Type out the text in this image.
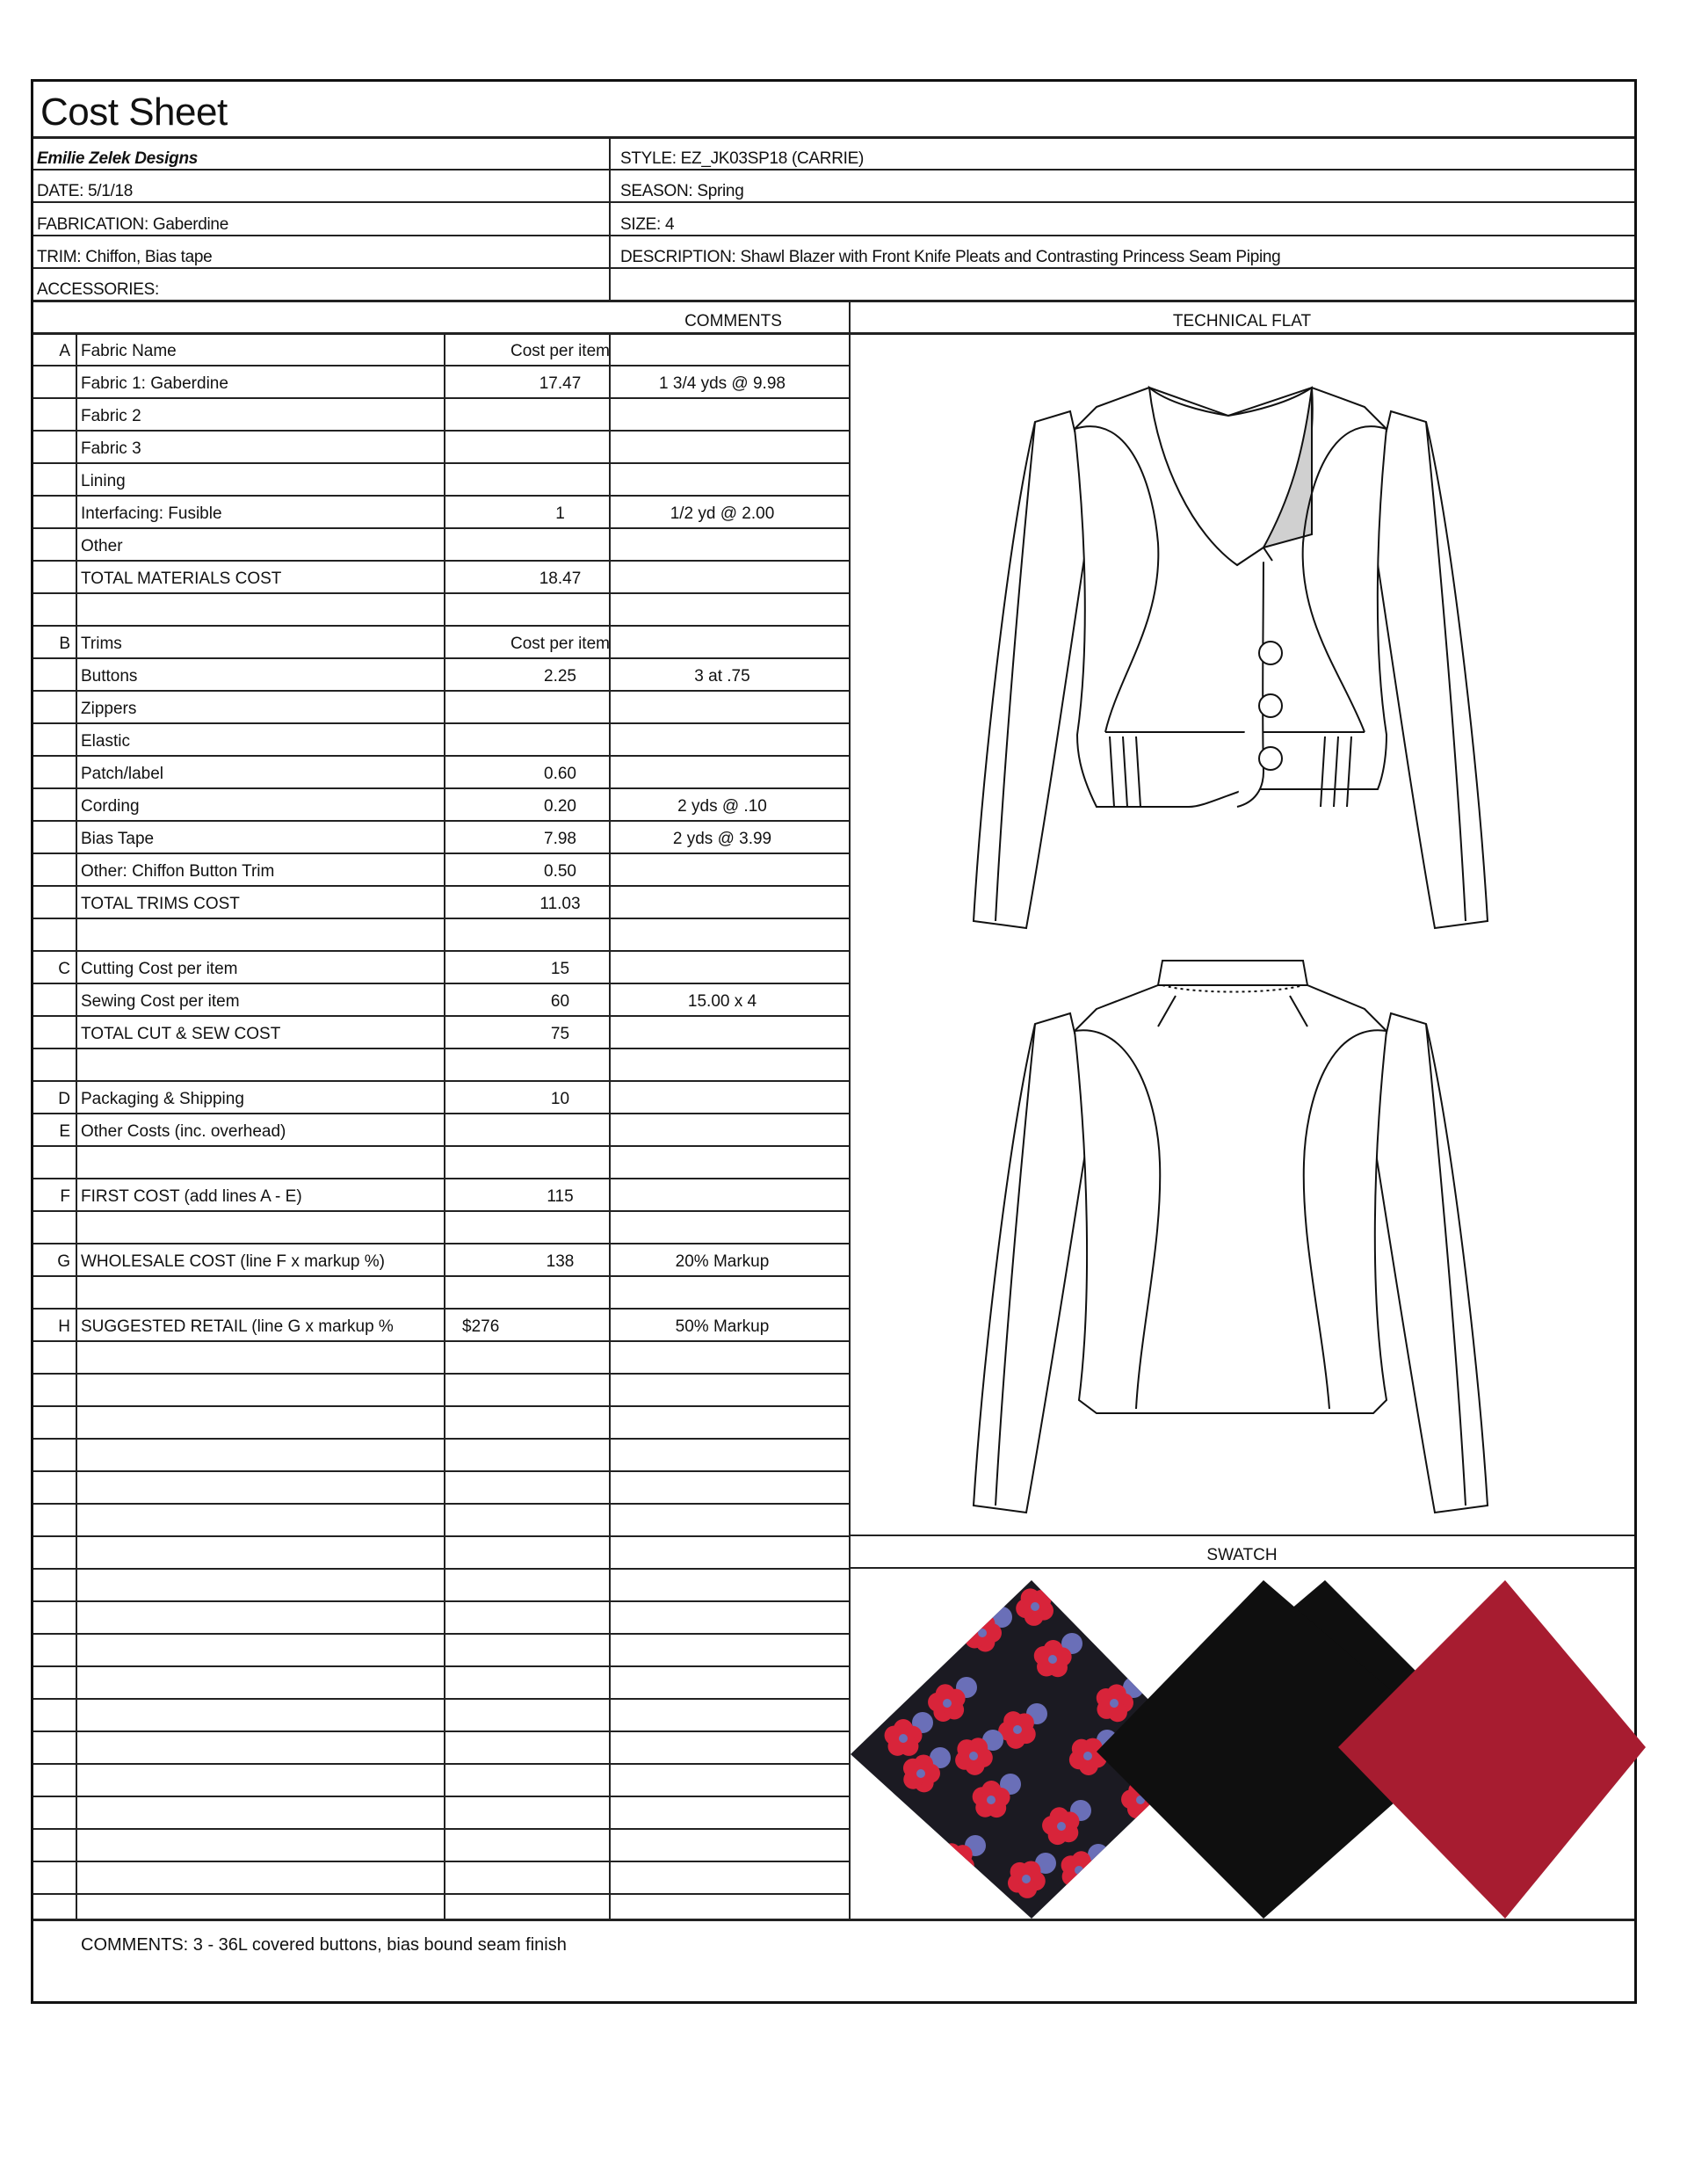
Cost Sheet
Emilie Zelek Designs	STYLE: EZ_JK03SP18 (CARRIE)
DATE: 5/1/18	SEASON: Spring
FABRICATION: Gaberdine	SIZE: 4
TRIM: Chiffon, Bias tape	DESCRIPTION: Shawl Blazer with Front Knife Pleats and Contrasting Princess Seam Piping
ACCESSORIES:
COMMENTS	TECHNICAL FLAT
SWATCH
A Fabric Name	Cost per item
Fabric 1: Gaberdine	17.47	1 3/4 yds @ 9.98
Fabric 2
Fabric 3
Lining
Interfacing: Fusible	1	1/2 yd @ 2.00
Other
TOTAL MATERIALS COST	18.47
B Trims	Cost per item
Buttons	2.25	3 at .75
Zippers
Elastic
Patch/label	0.60
Cording	0.20	2 yds @ .10
Bias Tape	7.98	2 yds @ 3.99
Other: Chiffon Button Trim	0.50
TOTAL TRIMS COST	11.03
C Cutting Cost per item	15
Sewing Cost per item	60	15.00 x 4
TOTAL CUT & SEW COST	75
D Packaging & Shipping	10
E Other Costs (inc. overhead)
F FIRST COST (add lines A - E)	115
G WHOLESALE COST (line F x markup %)	138	20% Markup
H SUGGESTED RETAIL (line G x markup %	$276	50% Markup
COMMENTS: 3 - 36L covered buttons, bias bound seam finish
